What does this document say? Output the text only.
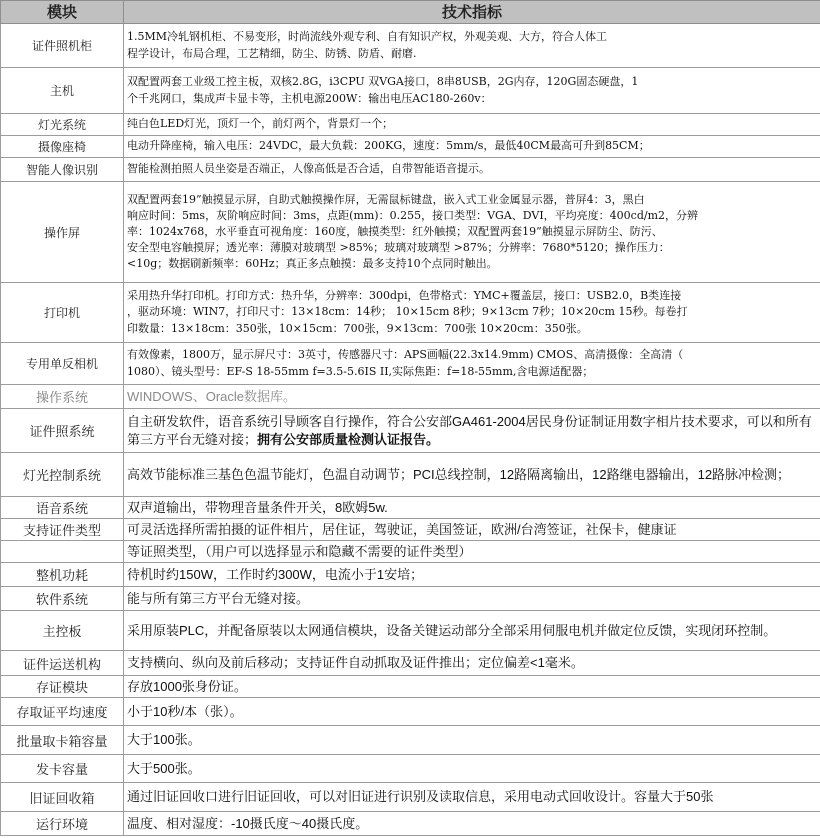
模块	技术指标
证件照机柜	1.5MM冷轧钢机柜、不易变形，时尚流线外观专利、自有知识产权，外观美观、大方，符合人体工
程学设计，布局合理，工艺精细，防尘、防锈、防盾、耐磨.
主机	双配置两套工业级工控主板，双核2.8G，i3CPU 双VGA接口，8串8USB，2G内存，120G固态硬盘，1
个千兆网口，集成声卡显卡等，主机电源200W：输出电压AC180-260v：
灯光系统	纯白色LED灯光，顶灯一个，前灯两个，背景灯一个；
摄像座椅	电动升降座椅，输入电压：24VDC，最大负载：200KG，速度：5mm/s，最低40CM最高可升到85CM；
智能人像识别	智能检测拍照人员坐姿是否端正，人像高低是否合适，自带智能语音提示。
操作屏	双配置两套19”触摸显示屏，自助式触摸操作屏，无需鼠标键盘，嵌入式工业金属显示器，普屏4：3，黑白
响应时间：5ms，灰阶响应时间：3ms，点距(mm)：0.255，接口类型：VGA、DVI，平均亮度：400cd/m2，分辨
率：1024x768，水平垂直可视角度：160度，触摸类型：红外触摸；双配置两套19”触摸显示屏防尘、防污、
安全型电容触摸屏；透光率：薄膜对玻璃型 >85%；玻璃对玻璃型 >87%；分辨率：7680*5120；操作压力：
<10g；数据刷新频率：60Hz；真正多点触摸：最多支持10个点同时触出。
打印机	采用热升华打印机。打印方式：热升华，分辨率：300dpi，色带格式：YMC+覆盖层，接口：USB2.0，B类连接
，驱动环境：WIN7，打印尺寸：13×18cm：14秒； 10×15cm 8秒；9×13cm 7秒；10×20cm 15秒。每卷打
印数量：13×18cm：350张，10×15cm：700张，9×13cm：700张 10×20cm：350张。
专用单反相机	有效像素，1800万，显示屏尺寸：3英寸，传感器尺寸：APS画幅(22.3x14.9mm) CMOS、高清摄像：全高清（
1080）、镜头型号：EF-S 18-55mm f=3.5-5.6IS II,实际焦距：f=18-55mm,含电源适配器；
操作系统	WINDOWS、Oracle数据库。
证件照系统	自主研发软件，语音系统引导顾客自行操作，符合公安部GA461-2004居民身份证制证用数字相片技术要求，可以和所有第三方平台无缝对接；拥有公安部质量检测认证报告。
灯光控制系统	高效节能标准三基色色温节能灯，色温自动调节；PCI总线控制，12路隔离输出，12路继电器输出，12路脉冲检测；
语音系统	双声道输出，带物理音量条件开关，8欧姆5w.
支持证件类型	可灵活选择所需拍摄的证件相片，居住证，驾驶证，美国签证，欧洲/台湾签证，社保卡，健康证
	等证照类型，（用户可以选择显示和隐藏不需要的证件类型）
整机功耗	待机时约150W，工作时约300W，电流小于1安培；
软件系统	能与所有第三方平台无缝对接。
主控板	采用原装PLC，并配备原装以太网通信模块，设备关键运动部分全部采用伺服电机并做定位反馈，实现闭环控制。
证件运送机构	支持横向、纵向及前后移动；支持证件自动抓取及证件推出；定位偏差<1毫米。
存证模块	存放1000张身份证。
存取证平均速度	小于10秒/本（张）。
批量取卡箱容量	大于100张。
发卡容量	大于500张。
旧证回收箱	通过旧证回收口进行旧证回收，可以对旧证进行识别及读取信息，采用电动式回收设计。容量大于50张
运行环境	温度、相对湿度：-10摄氏度～40摄氏度。
